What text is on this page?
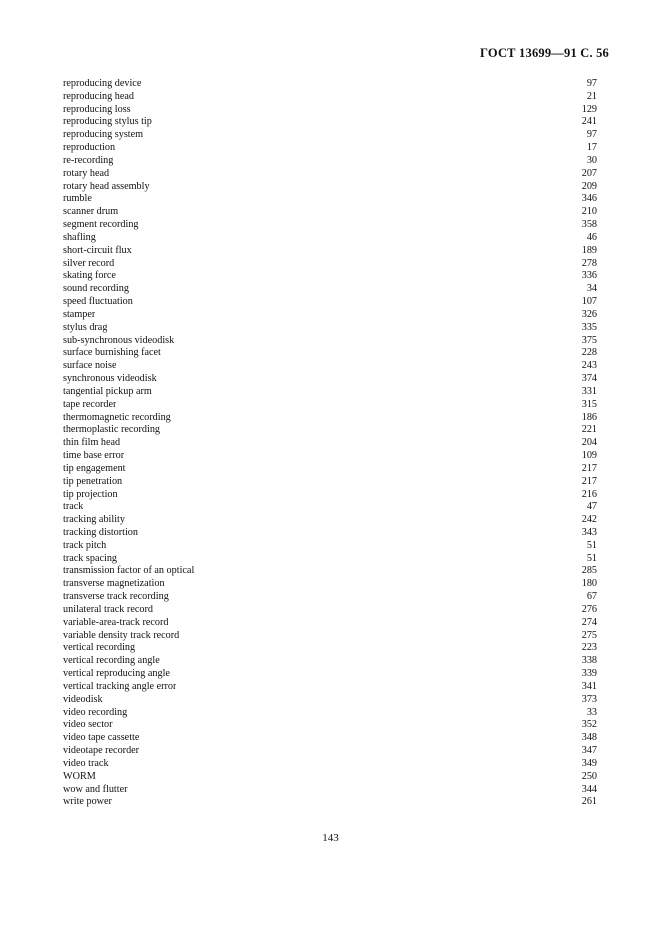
ГОСТ 13699—91 С. 56
reproducing device	97
reproducing head	21
reproducing loss	129
reproducing stylus tip	241
reproducing system	97
reproduction	17
re-recording	30
rotary head	207
rotary head assembly	209
rumble	346
scanner drum	210
segment recording	358
shafling	46
short-circuit flux	189
silver record	278
skating force	336
sound recording	34
speed fluctuation	107
stamper	326
stylus drag	335
sub-synchronous videodisk	375
surface burnishing facet	228
surface noise	243
synchronous videodisk	374
tangential pickup arm	331
tape recorder	315
thermomagnetic recording	186
thermoplastic recording	221
thin film head	204
time base error	109
tip engagement	217
tip penetration	217
tip projection	216
track	47
tracking ability	242
tracking distortion	343
track pitch	51
track spacing	51
transmission factor of an optical	285
transverse magnetization	180
transverse track recording	67
unilateral track record	276
variable-area-track record	274
variable density track record	275
vertical recording	223
vertical recording angle	338
vertical reproducing angle	339
vertical tracking angle error	341
videodisk	373
video recording	33
video sector	352
video tape cassette	348
videotape recorder	347
video track	349
WORM	250
wow and flutter	344
write power	261
143
